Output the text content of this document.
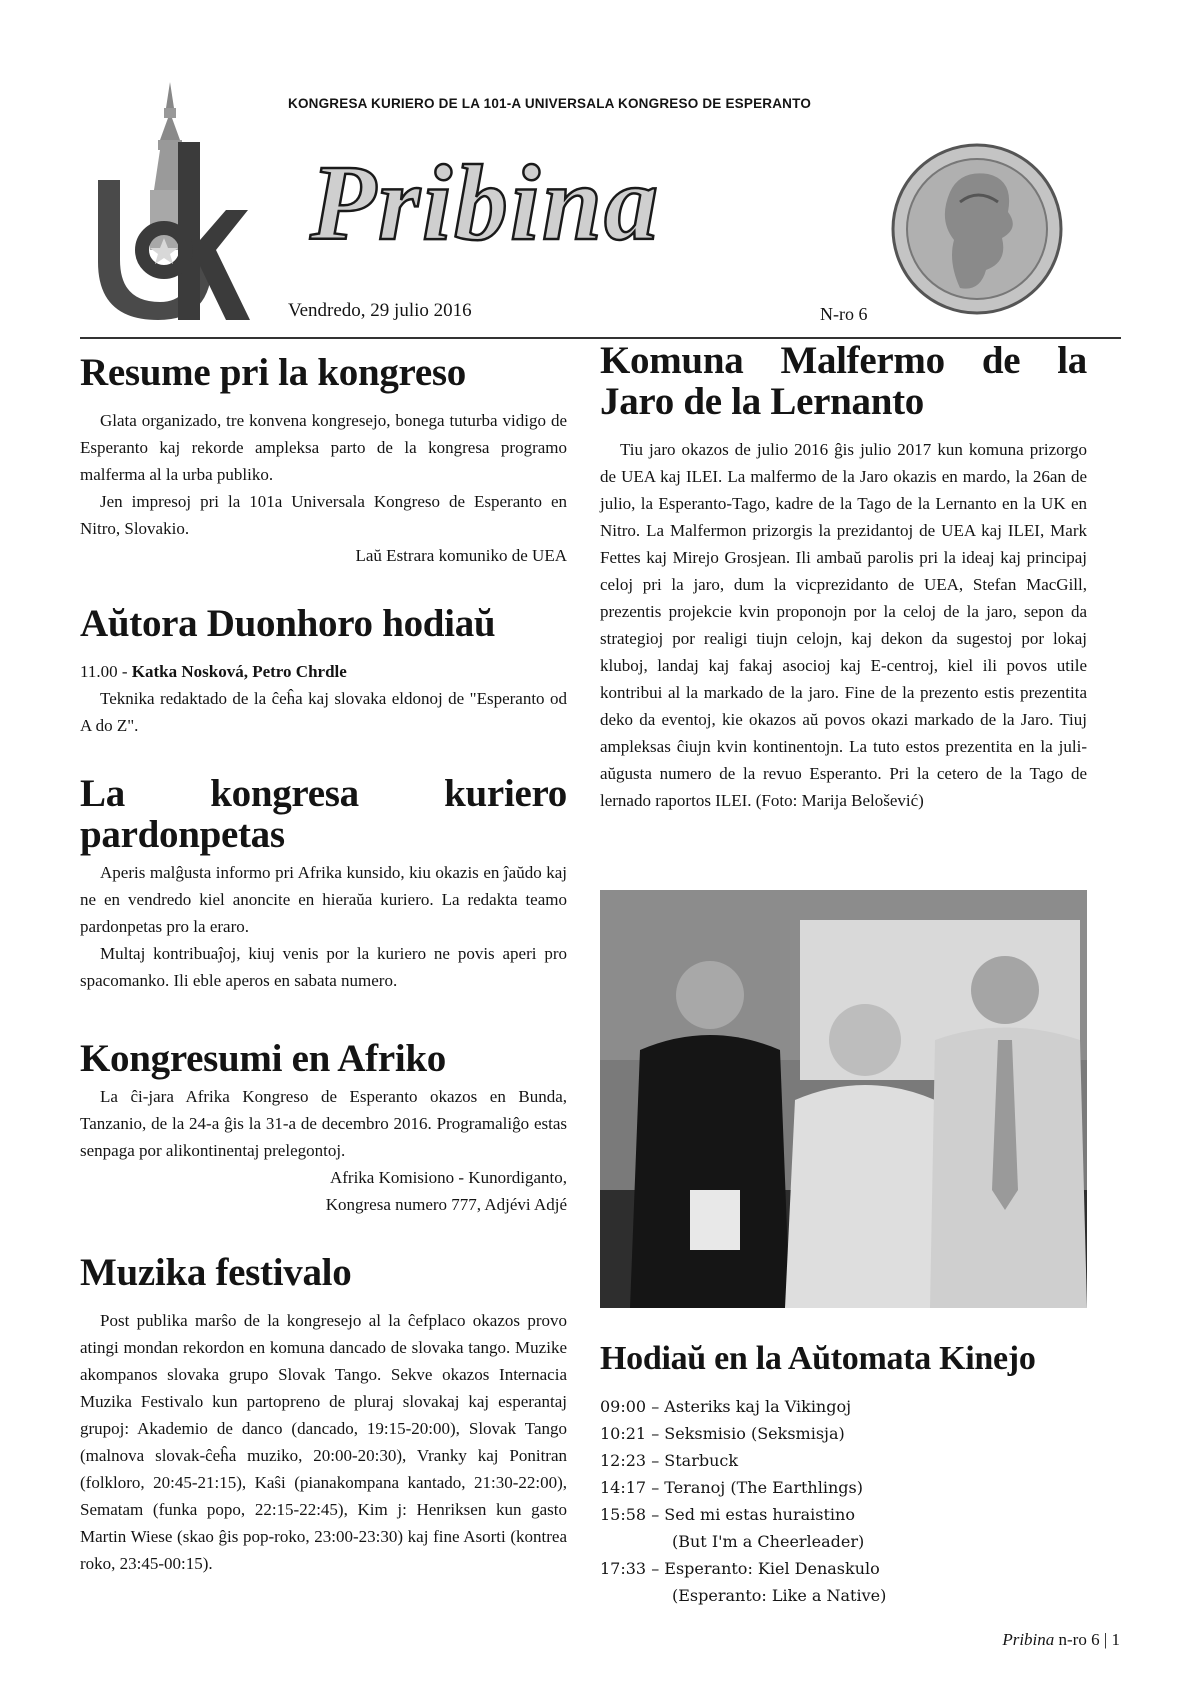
KONGRESA KURIERO DE LA 101-A UNIVERSALA KONGRESO DE ESPERANTO
Pribina
Vendredo, 29 julio 2016	N-ro 6
Resume pri la kongreso

Glata organizado, tre konvena kongresejo, bonega tuturba vidigo de Esperanto kaj rekorde ampleksa parto de la kongresa programo malferma al la urba publiko.

Jen impresoj pri la 101a Universala Kongreso de Esperanto en Nitro, Slovakio.

Laŭ Estrara komuniko de UEA

Aŭtora Duonhoro hodiaŭ

11.00 - Katka Nosková, Petro Chrdle

Teknika redaktado de la ĉeĥa kaj slovaka eldonoj de "Esperanto od A do Z".

La kongresa kuriero pardonpetas

Aperis malĝusta informo pri Afrika kunsido, kiu okazis en ĵaŭdo kaj ne en vendredo kiel anoncite en hieraŭa kuriero. La redakta teamo pardonpetas pro la eraro.

Multaj kontribuaĵoj, kiuj venis por la kuriero ne povis aperi pro spacomanko. Ili eble aperos en sabata numero.

Kongresumi en Afriko

La ĉi-jara Afrika Kongreso de Esperanto okazos en Bunda, Tanzanio, de la 24-a ĝis la 31-a de decembro 2016. Programaliĝo estas senpaga por alikontinentaj prelegontoj.

Afrika Komisiono - Kunordiganto,

Kongresa numero 777, Adjévi Adjé

Muzika festivalo

Post publika marŝo de la kongresejo al la ĉefplaco okazos provo atingi mondan rekordon en komuna dancado de slovaka tango. Muzike akompanos slovaka grupo Slovak Tango. Sekve okazos Internacia Muzika Festivalo kun partopreno de pluraj slovakaj kaj esperantaj grupoj: Akademio de danco (dancado, 19:15-20:00), Slovak Tango (malnova slovak-ĉeĥa muziko, 20:00-20:30), Vranky kaj Ponitran (folkloro, 20:45-21:15), Kaŝi (pianakompana kantado, 21:30-22:00), Sematam (funka popo, 22:15-22:45), Kim j: Henriksen kun gasto Martin Wiese (skao ĝis pop-roko, 23:00-23:30) kaj fine Asorti (kontrea roko, 23:45-00:15).

Komuna Malfermo de la Jaro de la Lernanto

Tiu jaro okazos de julio 2016 ĝis julio 2017 kun komuna prizorgo de UEA kaj ILEI. La malfermo de la Jaro okazis en mardo, la 26an de julio, la Esperanto-Tago, kadre de la Tago de la Lernanto en la UK en Nitro. La Malfermon prizorgis la prezidantoj de UEA kaj ILEI, Mark Fettes kaj Mirejo Grosjean. Ili ambaŭ parolis pri la ideaj kaj principaj celoj pri la jaro, dum la vicprezidanto de UEA, Stefan MacGill, prezentis projekcie kvin proponojn por la celoj de la jaro, sepon da strategioj por realigi tiujn celojn, kaj dekon da sugestoj por lokaj kluboj, landaj kaj fakaj asocioj kaj E-centroj, kiel ili povos utile kontribui al la markado de la jaro. Fine de la prezento estis prezentita deko da eventoj, kie okazos aŭ povos okazi markado de la Jaro. Tiuj ampleksas ĉiujn kvin kontinentojn. La tuto estos prezentita en la juli-aŭgusta numero de la revuo Esperanto. Pri la cetero de la Tago de lernado raportos ILEI. (Foto: Marija Belošević)

Hodiaŭ en la Aŭtomata Kinejo
09:00 – Asteriks kaj la Vikingoj
10:21 – Seksmisio (Seksmisja)
12:23 – Starbuck
14:17 – Teranoj (The Earthlings)
15:58 – Sed mi estas huraistino
(But I'm a Cheerleader)
17:33 – Esperanto: Kiel Denaskulo
(Esperanto: Like a Native)
Pribina n-ro 6 | 1
